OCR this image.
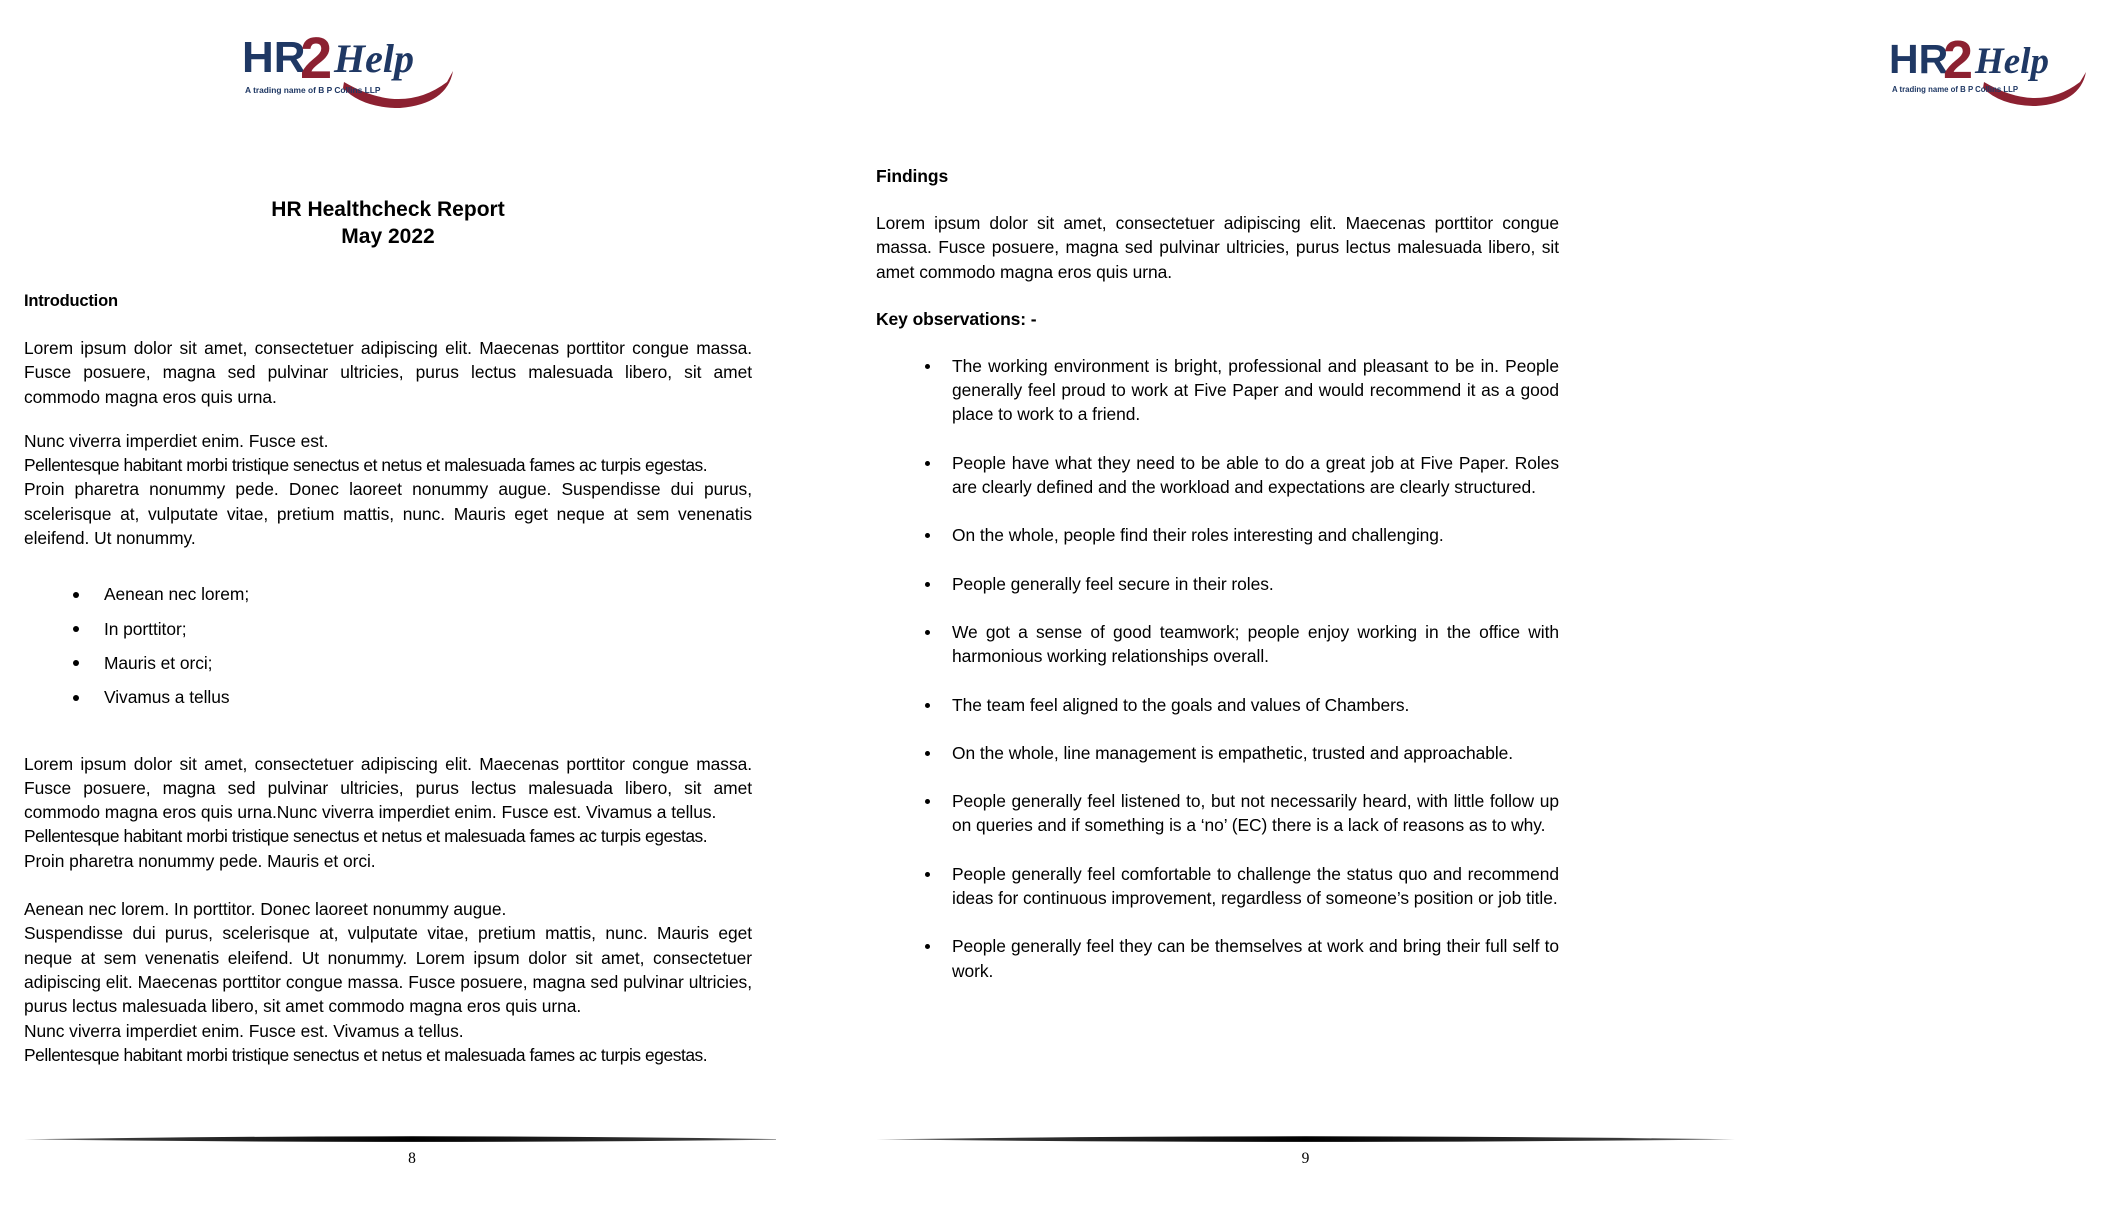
HR
2 Help
A trading name of B P Collins LLP
HR Healthcheck Report
May 2022
Introduction

Lorem ipsum dolor sit amet, consectetuer adipiscing elit. Maecenas porttitor congue massa. Fusce posuere, magna sed pulvinar ultricies, purus lectus malesuada libero, sit amet commodo magna eros quis urna.

Nunc viverra imperdiet enim. Fusce est.

Pellentesque habitant morbi tristique senectus et netus et malesuada fames ac turpis egestas.

Proin pharetra nonummy pede. Donec laoreet nonummy augue. Suspendisse dui purus, scelerisque at, vulputate vitae, pretium mattis, nunc. Mauris eget neque at sem venenatis eleifend. Ut nonummy.

Aenean nec lorem;
In porttitor;
Mauris et orci;
Vivamus a tellus

Lorem ipsum dolor sit amet, consectetuer adipiscing elit. Maecenas porttitor congue massa. Fusce posuere, magna sed pulvinar ultricies, purus lectus malesuada libero, sit amet commodo magna eros quis urna.Nunc viverra imperdiet enim. Fusce est. Vivamus a tellus.

Pellentesque habitant morbi tristique senectus et netus et malesuada fames ac turpis egestas.

Proin pharetra nonummy pede. Mauris et orci.

Aenean nec lorem. In porttitor. Donec laoreet nonummy augue.

Suspendisse dui purus, scelerisque at, vulputate vitae, pretium mattis, nunc. Mauris eget neque at sem venenatis eleifend. Ut nonummy. Lorem ipsum dolor sit amet, consectetuer adipiscing elit. Maecenas porttitor congue massa. Fusce posuere, magna sed pulvinar ultricies, purus lectus malesuada libero, sit amet commodo magna eros quis urna.

Nunc viverra imperdiet enim. Fusce est. Vivamus a tellus.

Pellentesque habitant morbi tristique senectus et netus et malesuada fames ac turpis egestas.

8
HR
2 Help
A trading name of B P Collins LLP
Findings

Lorem ipsum dolor sit amet, consectetuer adipiscing elit. Maecenas porttitor congue massa. Fusce posuere, magna sed pulvinar ultricies, purus lectus malesuada libero, sit amet commodo magna eros quis urna.

Key observations: -
The working environment is bright, professional and pleasant to be in. People generally feel proud to work at Five Paper and would recommend it as a good place to work to a friend.
People have what they need to be able to do a great job at Five Paper. Roles are clearly defined and the workload and expectations are clearly structured.
On the whole, people find their roles interesting and challenging.
People generally feel secure in their roles.
We got a sense of good teamwork; people enjoy working in the office with harmonious working relationships overall.
The team feel aligned to the goals and values of Chambers.
On the whole, line management is empathetic, trusted and approachable.
People generally feel listened to, but not necessarily heard, with little follow up on queries and if something is a ‘no’ (EC) there is a lack of reasons as to why.
People generally feel comfortable to challenge the status quo and recommend ideas for continuous improvement, regardless of someone’s position or job title.
People generally feel they can be themselves at work and bring their full self to work.
9
